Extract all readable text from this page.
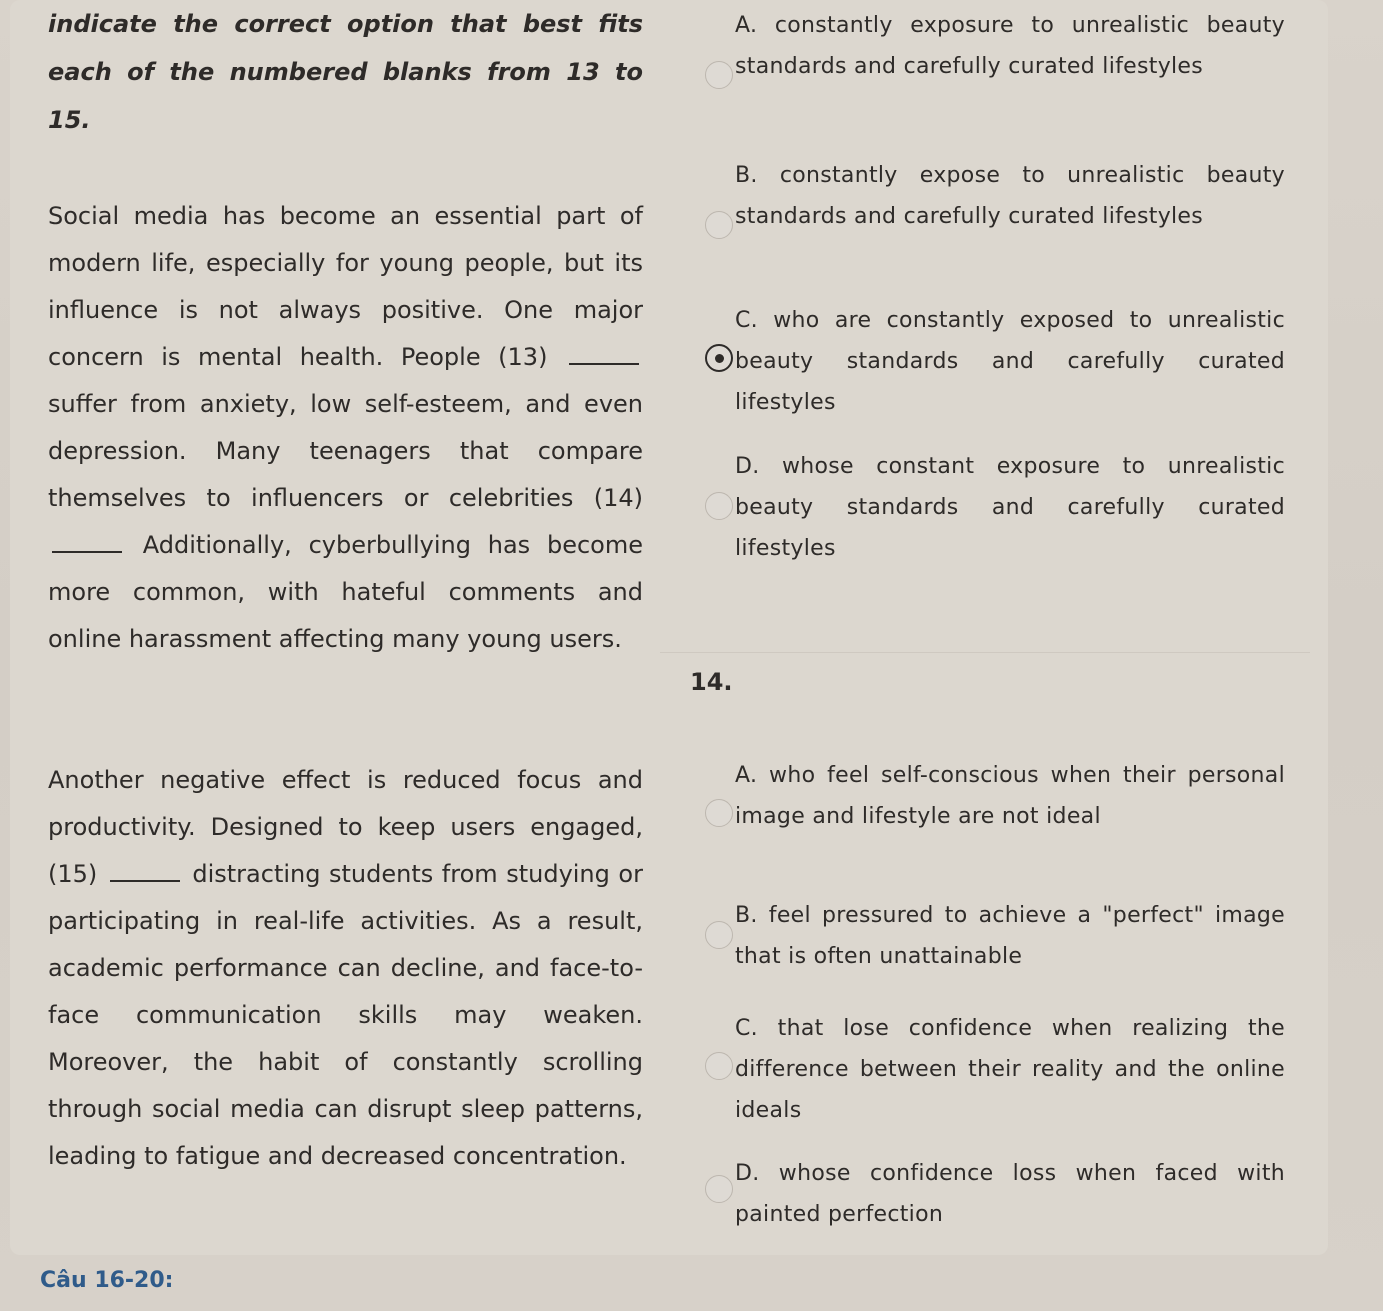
indicate the correct option that best fits each of the numbered blanks from 13 to 15.

Social media has become an essential part of modern life, especially for young people, but its influence is not always positive. One major concern is mental health. People (13)  suffer from anxiety, low self-esteem, and even depression. Many teenagers that compare themselves to influencers or celebrities (14)  Additionally, cyberbullying has become more common, with hateful comments and online harassment affecting many young users.

Another negative effect is reduced focus and productivity. Designed to keep users engaged, (15)	distracting students from studying or participating in real-life activities. As a result, academic performance can decline, and face-to-face communication skills may weaken. Moreover, the habit of constantly scrolling through social media can disrupt sleep patterns, leading to fatigue and decreased concentration.

A. constantly exposure to unrealistic beauty standards and carefully curated lifestyles
B. constantly expose to unrealistic beauty standards and carefully curated lifestyles
C. who are constantly exposed to unrealistic beauty standards and carefully curated lifestyles
D. whose constant exposure to unrealistic beauty standards and carefully curated lifestyles
A. who feel self-conscious when their personal image and lifestyle are not ideal
B. feel pressured to achieve a "perfect" image that is often unattainable
C. that lose confidence when realizing the difference between their reality and the online ideals
D. whose confidence loss when faced with painted perfection
14.
Câu 16-20:
